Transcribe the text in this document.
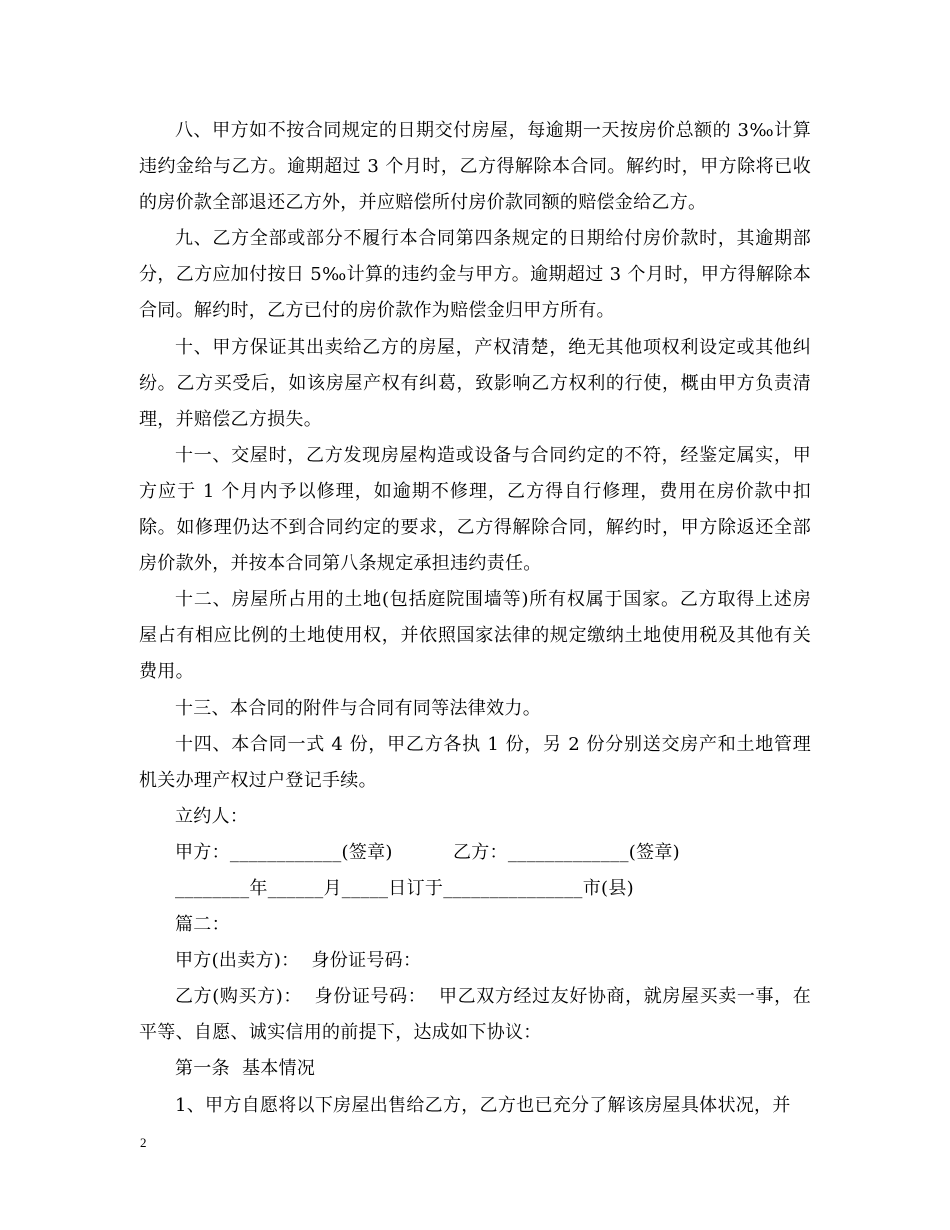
八、甲方如不按合同规定的日期交付房屋，每逾期一天按房价总额的 3‰计算违约金给与乙方。逾期超过 3 个月时，乙方得解除本合同。解约时，甲方除将已收的房价款全部退还乙方外，并应赔偿所付房价款同额的赔偿金给乙方。

九、乙方全部或部分不履行本合同第四条规定的日期给付房价款时，其逾期部分，乙方应加付按日 5‰计算的违约金与甲方。逾期超过 3 个月时，甲方得解除本合同。解约时，乙方已付的房价款作为赔偿金归甲方所有。

十、甲方保证其出卖给乙方的房屋，产权清楚，绝无其他项权利设定或其他纠纷。乙方买受后，如该房屋产权有纠葛，致影响乙方权利的行使，概由甲方负责清理，并赔偿乙方损失。

十一、交屋时，乙方发现房屋构造或设备与合同约定的不符，经鉴定属实，甲方应于 1 个月内予以修理，如逾期不修理，乙方得自行修理，费用在房价款中扣除。如修理仍达不到合同约定的要求，乙方得解除合同，解约时，甲方除返还全部房价款外，并按本合同第八条规定承担违约责任。

十二、房屋所占用的土地(包括庭院围墙等)所有权属于国家。乙方取得上述房屋占有相应比例的土地使用权，并依照国家法律的规定缴纳土地使用税及其他有关费用。

十三、本合同的附件与合同有同等法律效力。

十四、本合同一式 4 份，甲乙方各执 1 份，另 2 份分别送交房产和土地管理机关办理产权过户登记手续。

立约人：

甲方：____________(签章)          乙方：_____________(签章)

________年______月_____日订于_______________市(县)

篇二：

甲方(出卖方)：  身份证号码：

乙方(购买方)：  身份证号码：  甲乙双方经过友好协商，就房屋买卖一事，在平等、自愿、诚实信用的前提下，达成如下协议：

第一条  基本情况

1、甲方自愿将以下房屋出售给乙方，乙方也已充分了解该房屋具体状况，并

2
